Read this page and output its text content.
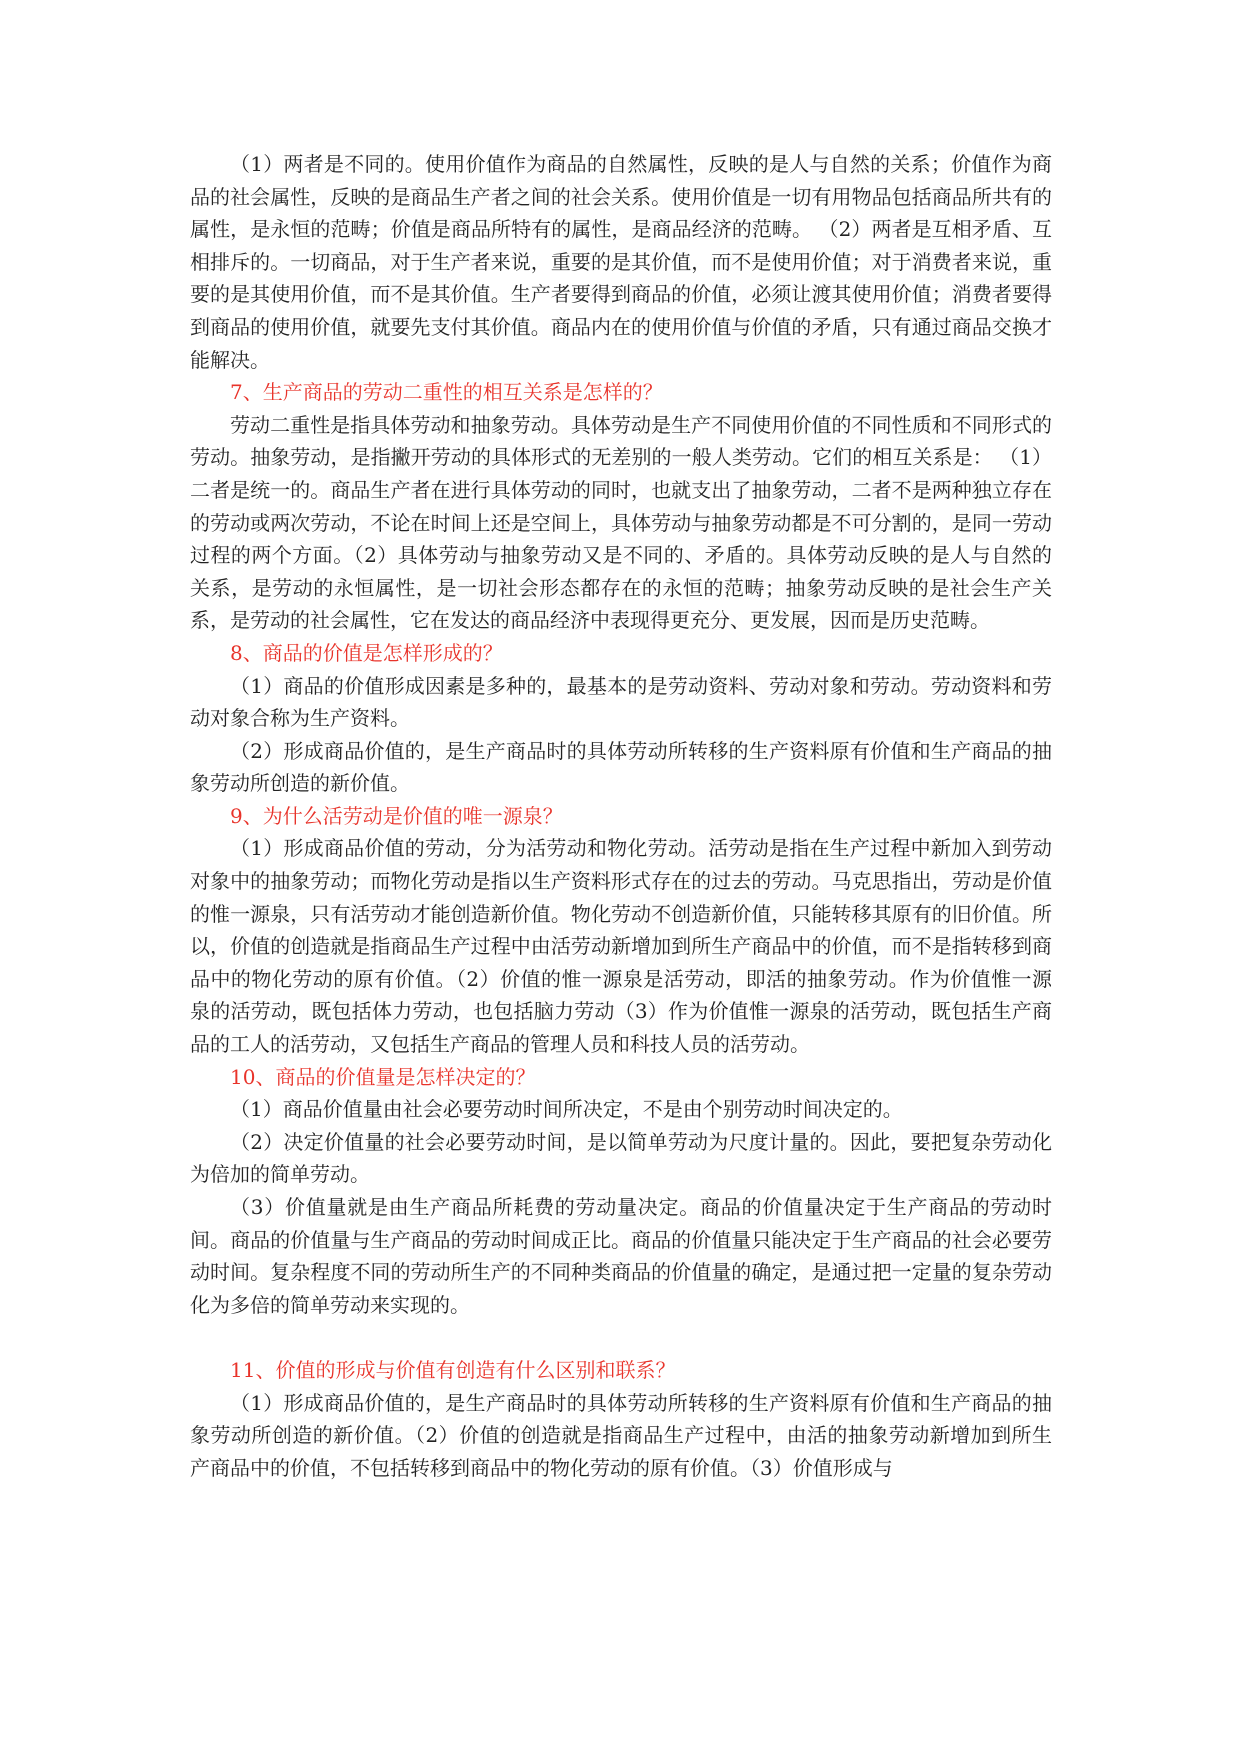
（1）两者是不同的。使用价值作为商品的自然属性，反映的是人与自然的关系；价值作为商品的社会属性，反映的是商品生产者之间的社会关系。使用价值是一切有用物品包括商品所共有的属性，是永恒的范畴；价值是商品所特有的属性，是商品经济的范畴。 （2）两者是互相矛盾、互相排斥的。一切商品，对于生产者来说，重要的是其价值，而不是使用价值；对于消费者来说，重要的是其使用价值，而不是其价值。生产者要得到商品的价值，必须让渡其使用价值；消费者要得到商品的使用价值，就要先支付其价值。商品内在的使用价值与价值的矛盾，只有通过商品交换才能解决。

7、生产商品的劳动二重性的相互关系是怎样的？

劳动二重性是指具体劳动和抽象劳动。具体劳动是生产不同使用价值的不同性质和不同形式的劳动。抽象劳动，是指撇开劳动的具体形式的无差别的一般人类劳动。它们的相互关系是： （1）二者是统一的。商品生产者在进行具体劳动的同时，也就支出了抽象劳动，二者不是两种独立存在的劳动或两次劳动，不论在时间上还是空间上，具体劳动与抽象劳动都是不可分割的，是同一劳动过程的两个方面。（2）具体劳动与抽象劳动又是不同的、矛盾的。具体劳动反映的是人与自然的关系，是劳动的永恒属性，是一切社会形态都存在的永恒的范畴；抽象劳动反映的是社会生产关系，是劳动的社会属性，它在发达的商品经济中表现得更充分、更发展，因而是历史范畴。

8、商品的价值是怎样形成的？

（1）商品的价值形成因素是多种的，最基本的是劳动资料、劳动对象和劳动。劳动资料和劳动对象合称为生产资料。

（2）形成商品价值的，是生产商品时的具体劳动所转移的生产资料原有价值和生产商品的抽象劳动所创造的新价值。

9、为什么活劳动是价值的唯一源泉？

（1）形成商品价值的劳动，分为活劳动和物化劳动。活劳动是指在生产过程中新加入到劳动对象中的抽象劳动；而物化劳动是指以生产资料形式存在的过去的劳动。马克思指出，劳动是价值的惟一源泉，只有活劳动才能创造新价值。物化劳动不创造新价值，只能转移其原有的旧价值。所以，价值的创造就是指商品生产过程中由活劳动新增加到所生产商品中的价值，而不是指转移到商品中的物化劳动的原有价值。（2）价值的惟一源泉是活劳动，即活的抽象劳动。作为价值惟一源泉的活劳动，既包括体力劳动，也包括脑力劳动（3）作为价值惟一源泉的活劳动，既包括生产商品的工人的活劳动，又包括生产商品的管理人员和科技人员的活劳动。

10、商品的价值量是怎样决定的？

（1）商品价值量由社会必要劳动时间所决定，不是由个别劳动时间决定的。

（2）决定价值量的社会必要劳动时间，是以简单劳动为尺度计量的。因此，要把复杂劳动化为倍加的简单劳动。

（3）价值量就是由生产商品所耗费的劳动量决定。商品的价值量决定于生产商品的劳动时间。商品的价值量与生产商品的劳动时间成正比。商品的价值量只能决定于生产商品的社会必要劳动时间。复杂程度不同的劳动所生产的不同种类商品的价值量的确定，是通过把一定量的复杂劳动化为多倍的简单劳动来实现的。

11、价值的形成与价值有创造有什么区别和联系？

（1）形成商品价值的，是生产商品时的具体劳动所转移的生产资料原有价值和生产商品的抽象劳动所创造的新价值。（2）价值的创造就是指商品生产过程中，由活的抽象劳动新增加到所生产商品中的价值，不包括转移到商品中的物化劳动的原有价值。（3）价值形成与
